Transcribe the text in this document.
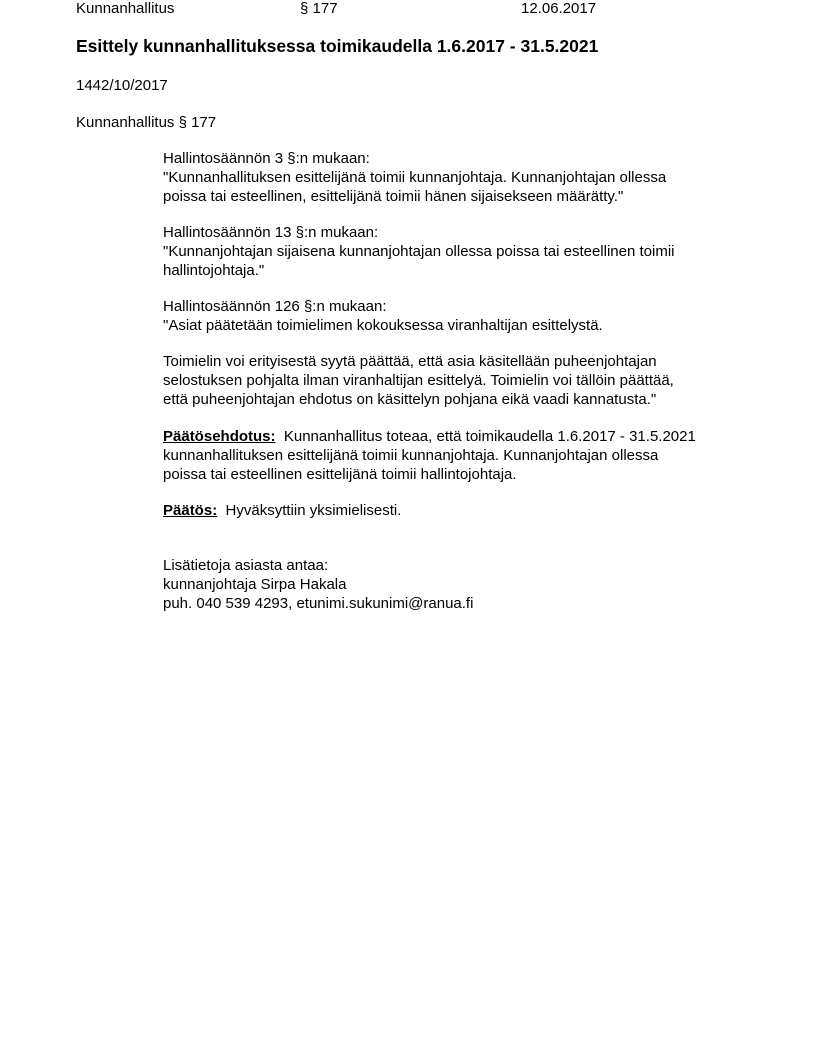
Kunnanhallitus	§ 177	12.06.2017
Esittely kunnanhallituksessa toimikaudella 1.6.2017 - 31.5.2021
1442/10/2017
Kunnanhallitus § 177
Hallintosäännön 3 §:n mukaan:
"Kunnanhallituksen esittelijänä toimii kunnanjohtaja. Kunnanjohtajan ollessa
poissa tai esteellinen, esittelijänä toimii hänen sijaisekseen määrätty."
Hallintosäännön 13 §:n mukaan:
"Kunnanjohtajan sijaisena kunnanjohtajan ollessa poissa tai esteellinen toimii
hallintojohtaja."
Hallintosäännön 126 §:n mukaan:
"Asiat päätetään toimielimen kokouksessa viranhaltijan esittelystä.
Toimielin voi erityisestä syytä päättää, että asia käsitellään puheenjohtajan
selostuksen pohjalta ilman viranhaltijan esittelyä. Toimielin voi tällöin päättää,
että puheenjohtajan ehdotus on käsittelyn pohjana eikä vaadi kannatusta."
Päätösehdotus: Kunnanhallitus toteaa, että toimikaudella 1.6.2017 - 31.5.2021
kunnanhallituksen esittelijänä toimii kunnanjohtaja. Kunnanjohtajan ollessa
poissa tai esteellinen esittelijänä toimii hallintojohtaja.
Päätös: Hyväksyttiin yksimielisesti.
Lisätietoja asiasta antaa:
kunnanjohtaja Sirpa Hakala
puh. 040 539 4293, etunimi.sukunimi@ranua.fi
